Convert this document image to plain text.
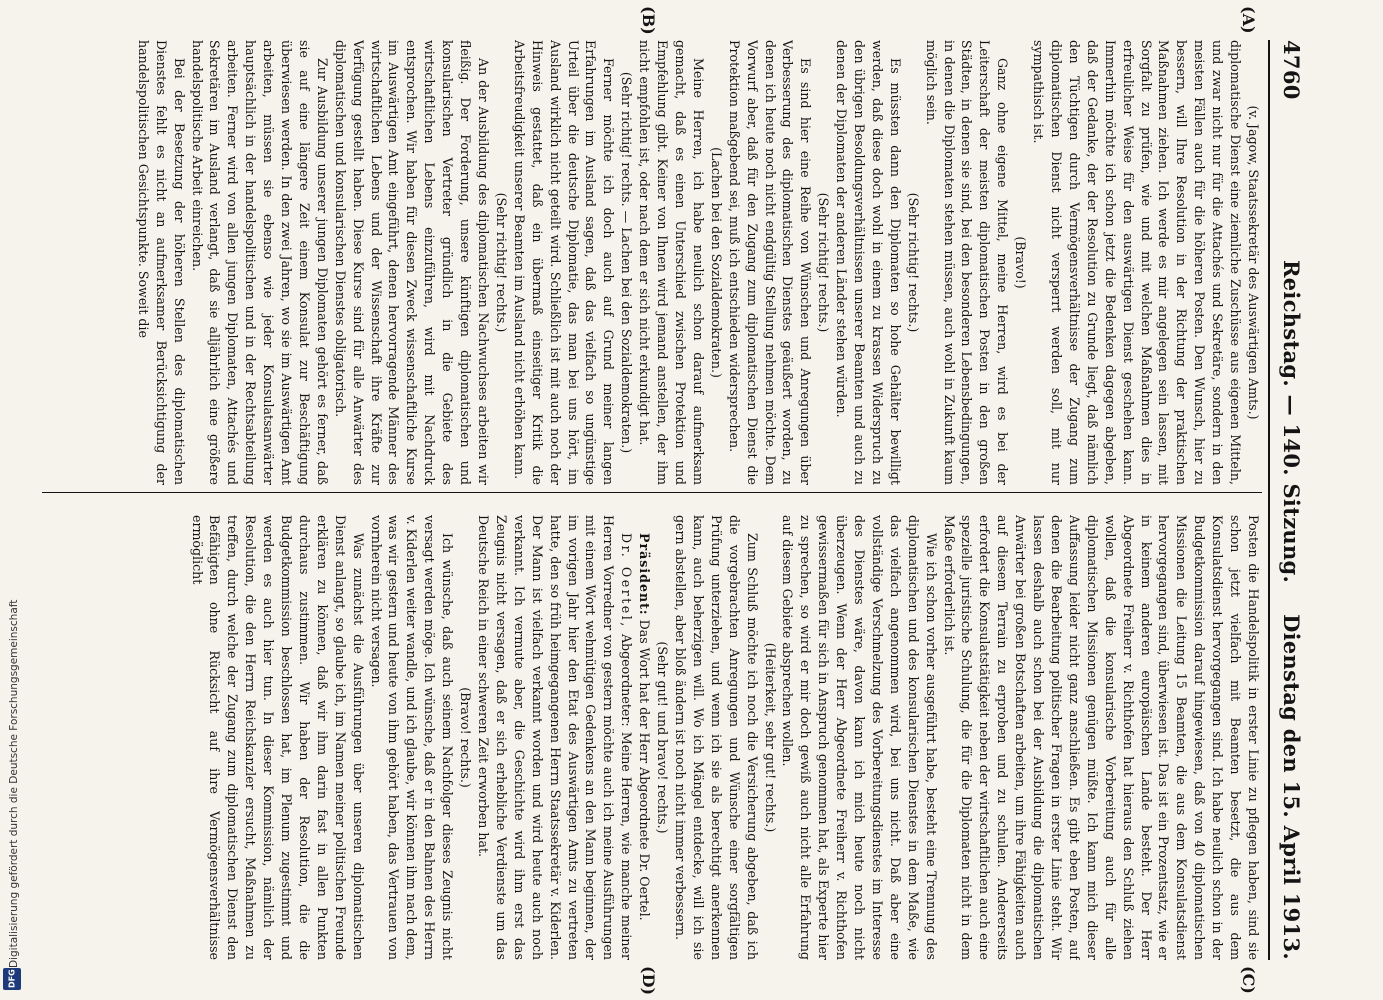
4760
Reichstag. — 140. Sitzung.
Dienstag den 15. April 1913.
(A)
(B)
(C)
(D)

(v. Jagow, Staatssekretär des Auswärtigen Amts.)

diplomatische Dienst eine ziemliche Zuschüsse aus eigenen Mitteln, und zwar nicht nur für die Attachés und Sekretäre, sondern in den meisten Fällen auch für die höheren Posten. Den Wunsch, hier zu bessern, will Ihre Resolution in der Richtung der praktischen Maßnahmen ziehen. Ich werde es mir angelegen sein lassen, mit Sorgfalt zu prüfen, wie und mit welchen Maßnahmen dies in erfreulicher Weise für den auswärtigen Dienst geschehen kann. Immerhin möchte ich schon jetzt die Bedenken dagegen abgeben, daß der Gedanke, der der Resolution zu Grunde liegt, daß nämlich den Tüchtigen durch Vermögensverhältnisse der Zugang zum diplomatischen Dienst nicht versperrt werden soll, mit nur sympathisch ist.

(Bravo!)

Ganz ohne eigene Mittel, meine Herren, wird es bei der Leiterschaft der meisten diplomatischen Posten in den großen Städten, in denen sie sind, bei den besonderen Lebensbedingungen, in denen die Diplomaten stehen müssen, auch wohl in Zukunft kaum möglich sein.

(Sehr richtig! rechts.)

Es müssten dann den Diplomaten so hohe Gehälter bewilligt werden, daß diese doch wohl in einem zu krassen Widerspruch zu den übrigen Besoldungsverhältnissen unserer Beamten und auch zu denen der Diplomaten der anderen Länder stehen würden.

(Sehr richtig! rechts.)

Es sind hier eine Reihe von Wünschen und Anregungen über Verbesserung des diplomatischen Dienstes geäußert worden, zu denen ich heute noch nicht endgültig Stellung nehmen möchte. Dem Vorwurf aber, daß für den Zugang zum diplomatischen Dienst die Protektion maßgebend sei, muß ich entschieden widersprechen.

(Lachen bei den Sozialdemokraten.)

Meine Herren, ich habe neulich schon darauf aufmerksam gemacht, daß es einen Unterschied zwischen Protektion und Empfehlung gibt. Keiner von Ihnen wird jemand anstellen, der ihm nicht empfohlen ist, oder nach dem er sich nicht erkundigt hat.

(Sehr richtig! rechts. — Lachen bei den Sozialdemokraten.)

Ferner möchte ich doch auch auf Grund meiner langen Erfahrungen im Ausland sagen, daß das vielfach so ungünstige Urteil über die deutsche Diplomatie, das man bei uns hört, im Ausland wirklich nicht geteilt wird. Schließlich ist mit auch noch der Hinweis gestattet, daß ein übermaß einseitiger Kritik die Arbeitsfreudigkeit unserer Beamten im Ausland nicht erhöhen kann.

(Sehr richtig! rechts.)

An der Ausbildung des diplomatischen Nachwuchses arbeiten wir fleißig. Der Forderung, unsere künftigen diplomatischen und konsularischen Vertreter gründlich in die Gebiete des wirtschaftlichen Lebens einzuführen, wird mit Nachdruck entsprochen. Wir haben für diesen Zweck wissenschaftliche Kurse im Auswärtigen Amt eingeführt, denen hervorragende Männer des wirtschaftlichen Lebens und der Wissenschaft ihre Kräfte zur Verfügung gestellt haben. Diese Kurse sind für alle Anwärter des diplomatischen und konsularischen Dienstes obligatorisch.

Zur Ausbildung unserer jungen Diplomaten gehört es ferner, daß sie auf eine längere Zeit einem Konsulat zur Beschäftigung überwiesen werden. In den zwei Jahren, wo sie im Auswärtigen Amt arbeiten, müssen sie ebenso wie jeder Konsulatsanwärter hauptsächlich in der handelspolitischen und in der Rechtsabteilung arbeiten. Ferner wird von allen jungen Diplomaten, Attachés und Sekretären im Ausland verlangt, daß sie alljährlich eine größere handelspolitische Arbeit einreichen.

Bei der Besetzung der höheren Stellen des diplomatischen Dienstes fehlt es nicht an aufmerksamer Berücksichtigung der handelspolitischen Gesichtspunkte. Soweit die

Posten die Handelspolitik in erster Linie zu pflegen haben, sind sie schon jetzt vielfach mit Beamten besetzt, die aus dem Konsulatsdienst hervorgegangen sind. Ich habe neulich schon in der Budgetkommission darauf hingewiesen, daß von 40 diplomatischen Missionen die Leitung 15 Beamten, die aus dem Konsulatsdienst hervorgegangen sind, überwiesen ist. Das ist ein Prozentsatz, wie er in keinem anderen europäischen Lande besteht. Der Herr Abgeordnete Freiherr v. Richthofen hat hieraus den Schluß ziehen wollen, daß die konsularische Vorbereitung auch für alle diplomatischen Missionen genügen müßte. Ich kann mich dieser Auffassung leider nicht ganz anschließen. Es gibt eben Posten, auf denen die Bearbeitung politischer Fragen in erster Linie steht. Wir lassen deshalb auch schon bei der Ausbildung die diplomatischen Anwärter bei großen Botschaften arbeiten, um ihre Fähigkeiten auch auf diesem Terrain zu erproben und zu schulen. Andererseits erfordert die Konsulatstätigkeit neben der wirtschaftlichen auch eine spezielle juristische Schulung, die für die Diplomaten nicht in dem Maße erforderlich ist.

Wie ich schon vorher ausgeführt habe, besteht eine Trennung des diplomatischen und des konsularischen Dienstes in dem Maße, wie das vielfach angenommen wird, bei uns nicht. Daß aber eine vollständige Verschmelzung des Vorbereitungsdienstes im Interesse des Dienstes wäre, davon kann ich mich heute noch nicht überzeugen. Wenn der Herr Abgeordnete Freiherr v. Richthofen gewissermaßen für sich in Anspruch genommen hat, als Experte hier zu sprechen, so wird er mir doch gewiß auch nicht alle Erfahrung auf diesem Gebiete absprechen wollen.

(Heiterkeit, sehr gut! rechts.)

Zum Schluß möchte ich noch die Versicherung abgeben, daß ich die vorgebrachten Anregungen und Wünsche einer sorgfältigen Prüfung unterziehen, und wenn ich sie als berechtigt anerkennen kann, auch beherzigen will. Wo ich Mängel entdecke, will ich sie gern abstellen, aber bloß ändern ist noch nicht immer verbessern.

(Sehr gut! und bravo! rechts.)

Präsident: Das Wort hat der Herr Abgeordnete Dr. Oertel.

Dr. Oertel, Abgeordneter: Meine Herren, wie manche meiner Herren Vorredner von gestern möchte auch ich meine Ausführungen mit einem Wort wehmütigen Gedenkens an den Mann beginnen, der im vorigen Jahr hier den Etat des Auswärtigen Amts zu vertreten hatte, den so früh heimgegangenen Herrn Staatssekretär v. Kiderlen. Der Mann ist vielfach verkannt worden und wird heute auch noch verkannt. Ich vermute aber, die Geschichte wird ihm erst das Zeugnis nicht versagen, daß er sich erhebliche Verdienste um das Deutsche Reich in einer schweren Zeit erworben hat.

(Bravo! rechts.)

Ich wünsche, daß auch seinem Nachfolger dieses Zeugnis nicht versagt werden möge. Ich wünsche, daß er in den Bahnen des Herrn v. Kiderlen weiter wandle, und ich glaube, wir können ihm nach dem, was wir gestern und heute von ihm gehört haben, das Vertrauen von vornherein nicht versagen.

Was zunächst die Ausführungen über unseren diplomatischen Dienst anlangt, so glaube ich, im Namen meiner politischen Freunde erklären zu können, daß wir ihm darin fast in allen Punkten durchaus zustimmen. Wir haben der Resolution, die die Budgetkommission beschlossen hat, im Plenum zugestimmt und werden es auch hier tun. In dieser Kommission, nämlich der Resolution, die den Herrn Reichskanzler ersucht, Maßnahmen zu treffen, durch welche der Zugang zum diplomatischen Dienst den Befähigten ohne Rücksicht auf ihre Vermögensverhältnisse ermöglicht

Digitalisierung gefördert durch die Deutsche Forschungsgemeinschaft
DFG
